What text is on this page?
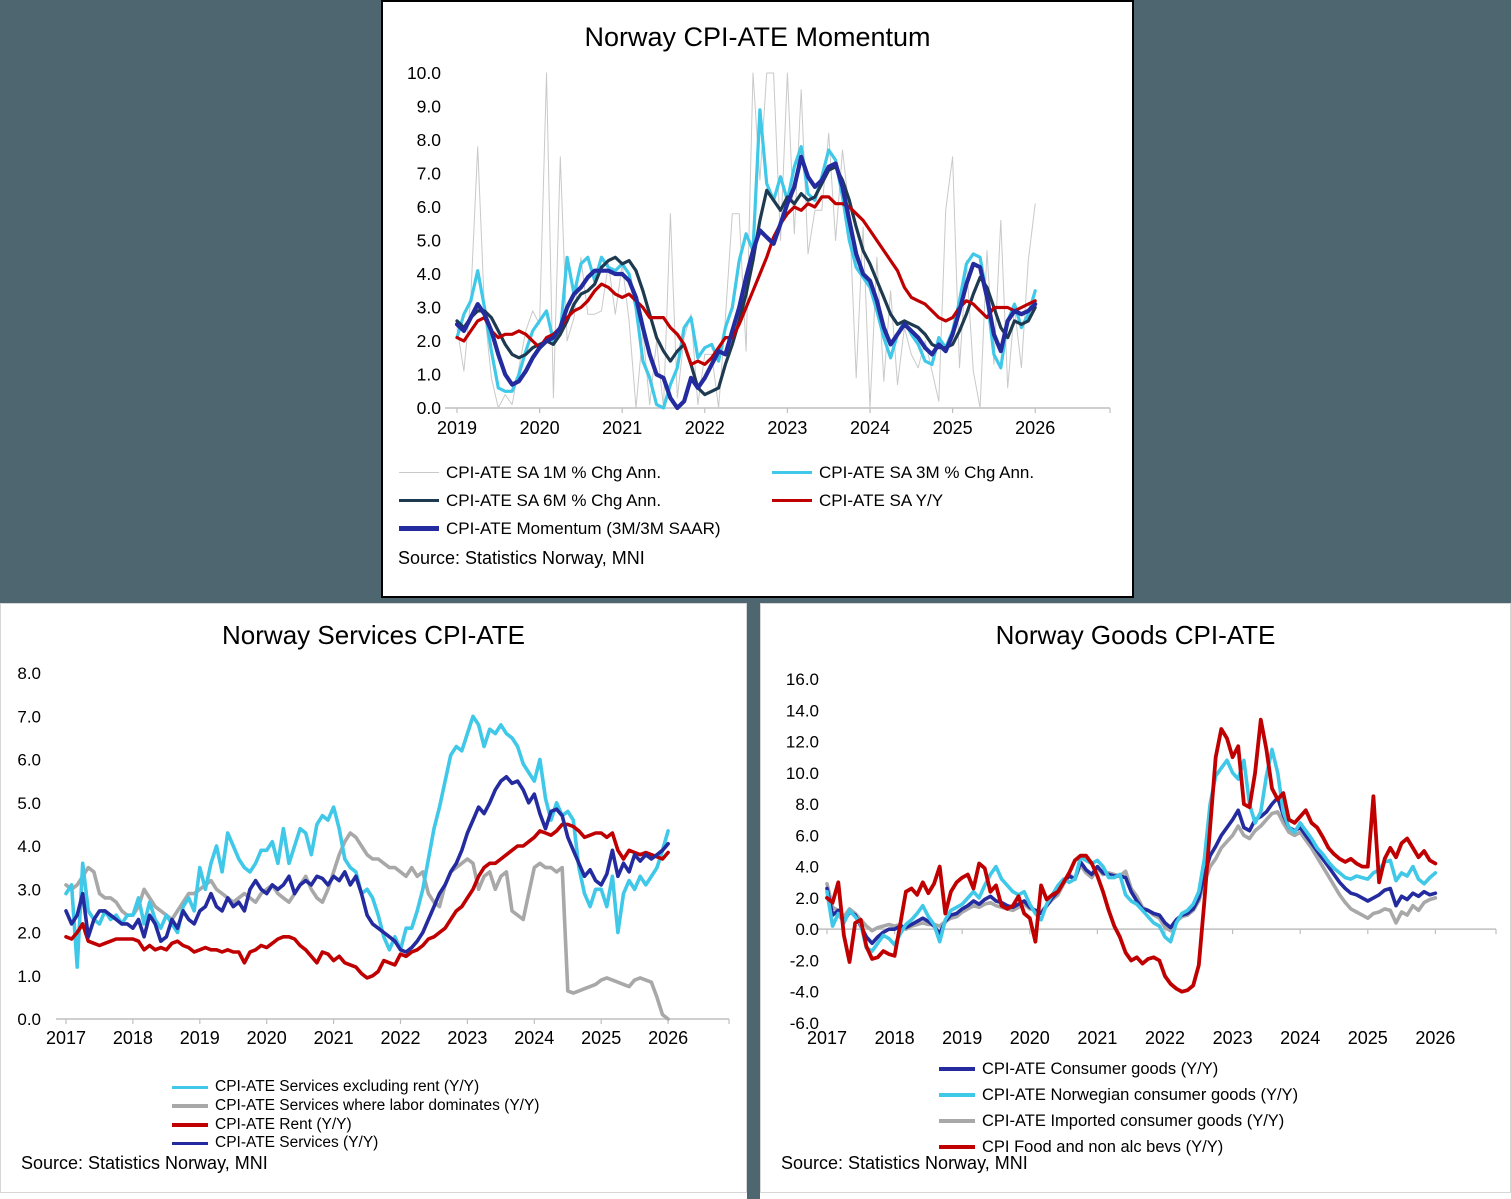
Norway CPI-ATE Momentum
2019 2020 2021 2022 2023 2024 2025 2026
10.0
9.0
8.0
7.0
6.0
5.0
4.0
3.0
2.0
1.0
0.0
CPI-ATE SA 1M % Chg Ann.	CPI-ATE SA 3M % Chg Ann.
CPI-ATE SA 6M % Chg Ann.	CPI-ATE SA Y/Y
CPI-ATE Momentum (3M/3M SAAR)
Source: Statistics Norway, MNI
Norway Services CPI-ATE
2017 2018 2019 2020 2021 2022 2023 2024 2025 2026
8.0
7.0
6.0
5.0
4.0
3.0
2.0
1.0
0.0
CPI-ATE Services excluding rent (Y/Y)
CPI-ATE Services where labor dominates (Y/Y)
CPI-ATE Rent (Y/Y)
CPI-ATE Services (Y/Y)
Source: Statistics Norway, MNI
Norway Goods CPI-ATE
2017 2018 2019 2020 2021 2022 2023 2024 2025 2026
16.0
14.0
12.0
10.0
8.0
6.0
4.0
2.0
0.0
-2.0
-4.0
-6.0
CPI-ATE Consumer goods (Y/Y)
CPI-ATE Norwegian consumer goods (Y/Y)
CPI-ATE Imported consumer goods (Y/Y)
CPI Food and non alc bevs (Y/Y)
Source: Statistics Norway, MNI
